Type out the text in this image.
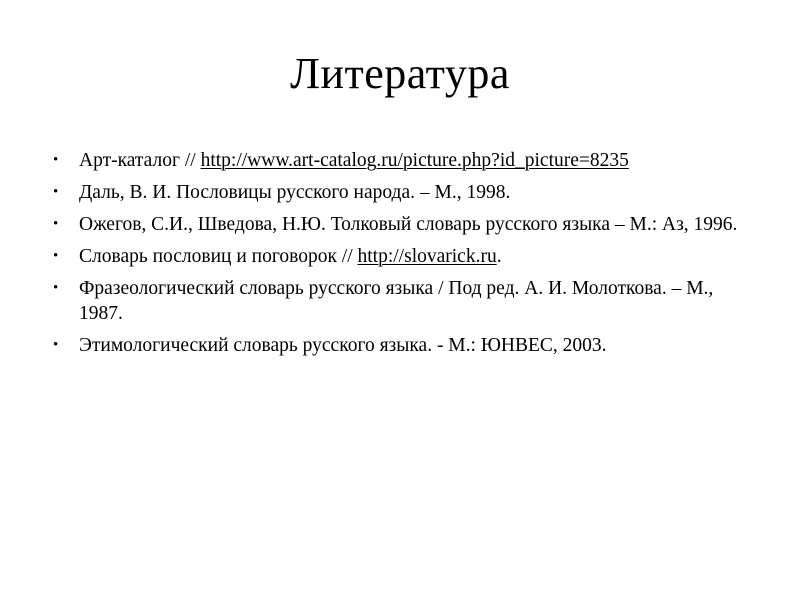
Литература
• Арт-каталог // http://www.art-catalog.ru/picture.php?id_picture=8235
• Даль, В. И. Пословицы русского народа. – М., 1998.
• Ожегов, С.И., Шведова, Н.Ю. Толковый словарь русского языка – М.: Аз, 1996.
• Словарь пословиц и поговорок // http://slovarick.ru.
• Фразеологический словарь русского языка / Под ред. А. И. Молоткова. – М., 1987.
• Этимологический словарь русского языка. - М.: ЮНВЕС, 2003.
